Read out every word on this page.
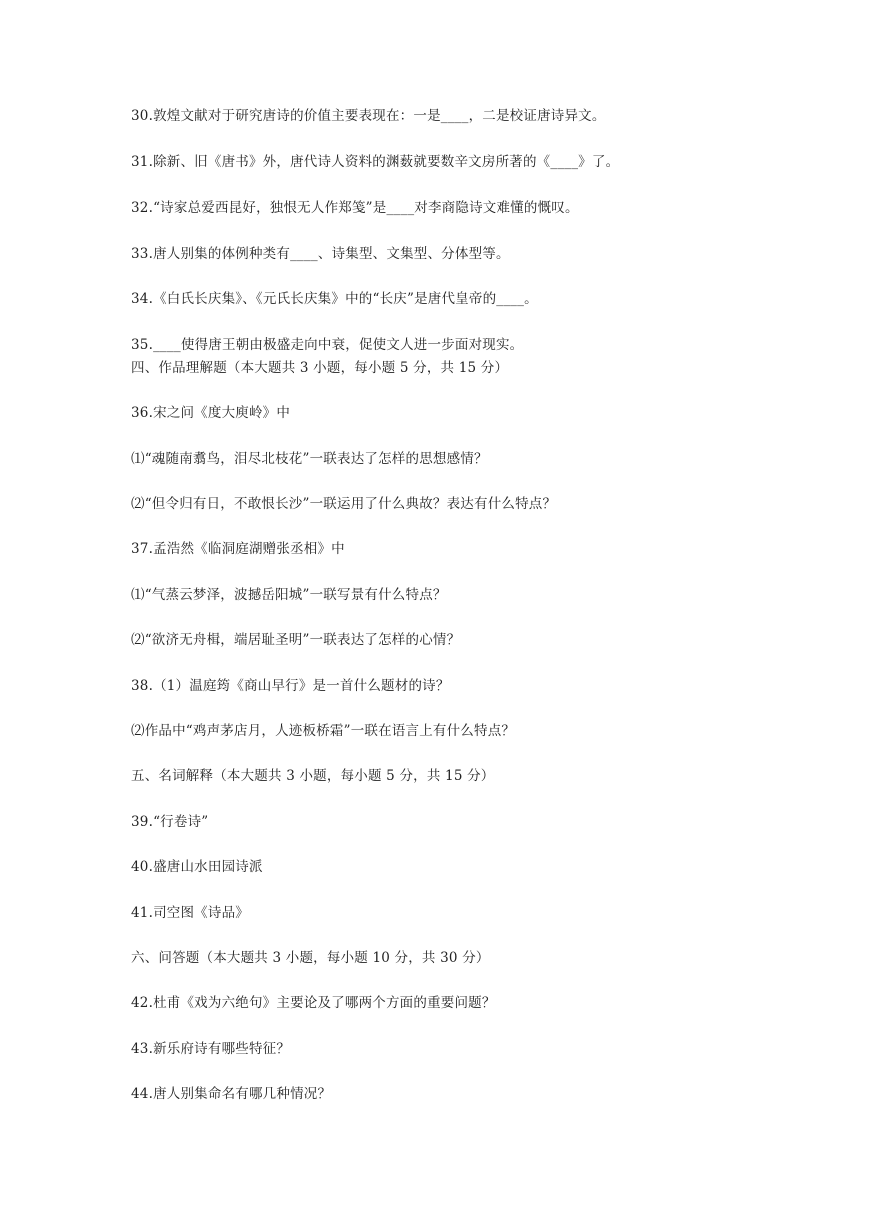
30.敦煌文献对于研究唐诗的价值主要表现在：一是____，二是校证唐诗异文。
31.除新、旧《唐书》外，唐代诗人资料的渊薮就要数辛文房所著的《____》了。
32.“诗家总爱西昆好，独恨无人作郑笺”是____对李商隐诗文难懂的慨叹。
33.唐人别集的体例种类有____、诗集型、文集型、分体型等。
34.《白氏长庆集》、《元氏长庆集》中的“长庆”是唐代皇帝的____。
35.____使得唐王朝由极盛走向中衰，促使文人进一步面对现实。
四、作品理解题（本大题共 3 小题，每小题 5 分，共 15 分）
36.宋之问《度大庾岭》中
⑴“魂随南翥鸟，泪尽北枝花”一联表达了怎样的思想感情？
⑵“但令归有日，不敢恨长沙”一联运用了什么典故？表达有什么特点？
37.孟浩然《临洞庭湖赠张丞相》中
⑴“气蒸云梦泽，波撼岳阳城”一联写景有什么特点？
⑵“欲济无舟楫，端居耻圣明”一联表达了怎样的心情？
38.（1）温庭筠《商山早行》是一首什么题材的诗？
⑵作品中“鸡声茅店月，人迹板桥霜”一联在语言上有什么特点？
五、名词解释（本大题共 3 小题，每小题 5 分，共 15 分）
39.“行卷诗”
40.盛唐山水田园诗派
41.司空图《诗品》
六、问答题（本大题共 3 小题，每小题 10 分，共 30 分）
42.杜甫《戏为六绝句》主要论及了哪两个方面的重要问题？
43.新乐府诗有哪些特征？
44.唐人别集命名有哪几种情况？
